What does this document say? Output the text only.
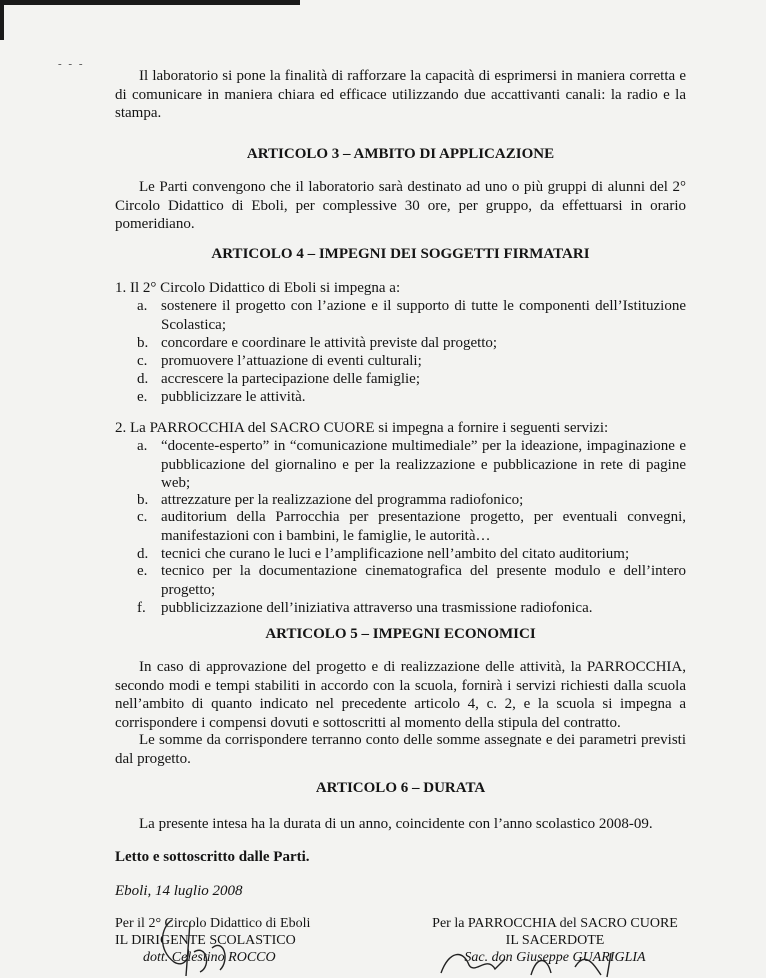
- - -

Il laboratorio si pone la finalità di rafforzare la capacità di esprimersi in maniera corretta e di comunicare in maniera chiara ed efficace utilizzando due accattivanti canali: la radio e la stampa.

ARTICOLO 3 – AMBITO DI APPLICAZIONE

Le Parti convengono che il laboratorio sarà destinato ad uno o più gruppi di alunni del 2° Circolo Didattico di Eboli, per complessive 30 ore, per gruppo, da effettuarsi in orario pomeridiano.

ARTICOLO 4 – IMPEGNI DEI SOGGETTI FIRMATARI
1. Il 2° Circolo Didattico di Eboli si impegna a:
a. sostenere il progetto con l’azione e il supporto di tutte le componenti dell’Istituzione Scolastica;
b. concordare e coordinare le attività previste dal progetto;
c. promuovere l’attuazione di eventi culturali;
d. accrescere la partecipazione delle famiglie;
e. pubblicizzare le attività.
2. La PARROCCHIA del SACRO CUORE si impegna a fornire i seguenti servizi:
a. “docente-esperto” in “comunicazione multimediale” per la ideazione, impaginazione e pubblicazione del giornalino e per la realizzazione e pubblicazione in rete di pagine web;
b. attrezzature per la realizzazione del programma radiofonico;
c. auditorium della Parrocchia per presentazione progetto, per eventuali convegni, manifestazioni con i bambini, le famiglie, le autorità…
d. tecnici che curano le luci e l’amplificazione nell’ambito del citato auditorium;
e. tecnico per la documentazione cinematografica del presente modulo e dell’intero progetto;
f. pubblicizzazione dell’iniziativa attraverso una trasmissione radiofonica.
ARTICOLO 5 – IMPEGNI ECONOMICI

In caso di approvazione del progetto e di realizzazione delle attività, la PARROCCHIA, secondo modi e tempi stabiliti in accordo con la scuola, fornirà i servizi richiesti dalla scuola nell’ambito di quanto indicato nel precedente articolo 4, c. 2, e la scuola si impegna a corrispondere i compensi dovuti e sottoscritti al momento della stipula del contratto.

Le somme da corrispondere terranno conto delle somme assegnate e dei parametri previsti dal progetto.

ARTICOLO 6 – DURATA

La presente intesa ha la durata di un anno, coincidente con l’anno scolastico 2008-09.

Letto e sottoscritto dalle Parti.
Eboli, 14 luglio 2008
Per il 2° Circolo Didattico di Eboli
IL DIRIGENTE SCOLASTICO
dott. Celestino ROCCO
Per la PARROCCHIA del SACRO CUORE
IL SACERDOTE
Sac. don Giuseppe GUARIGLIA
